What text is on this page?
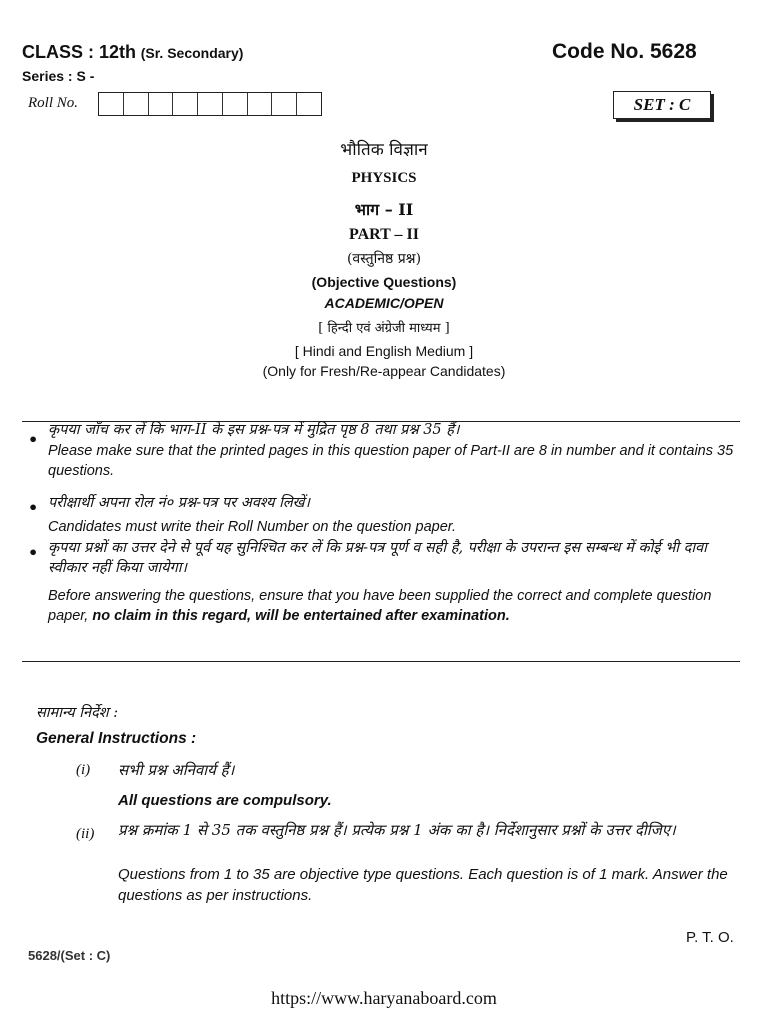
CLASS : 12th (Sr. Secondary)
Series : S -
Code No. 5628
Roll No.	SET : C
भौतिक विज्ञान
PHYSICS
भाग – II
PART – II
(वस्तुनिष्ठ प्रश्न)
(Objective Questions)
ACADEMIC/OPEN
[ हिन्दी एवं अंग्रेजी माध्यम ]
[ Hindi and English Medium ]
(Only for Fresh/Re-appear Candidates)
• कृपया जाँच कर लें कि भाग-II के इस प्रश्न-पत्र में मुद्रित पृष्ठ 8 तथा प्रश्न 35 हैं।
Please make sure that the printed pages in this question paper of Part-II are 8 in number and it contains 35 questions.
• परीक्षार्थी अपना रोल नं० प्रश्न-पत्र पर अवश्य लिखें।
Candidates must write their Roll Number on the question paper.
• कृपया प्रश्नों का उत्तर देने से पूर्व यह सुनिश्चित कर लें कि प्रश्न-पत्र पूर्ण व सही है, परीक्षा के उपरान्त इस सम्बन्ध में कोई भी दावा स्वीकार नहीं किया जायेगा।
Before answering the questions, ensure that you have been supplied the correct and complete question paper, no claim in this regard, will be entertained after examination.
सामान्य निर्देश :
General Instructions :
(i) सभी प्रश्न अनिवार्य हैं।
All questions are compulsory.
(ii) प्रश्न क्रमांक 1 से 35 तक वस्तुनिष्ठ प्रश्न हैं। प्रत्येक प्रश्न 1 अंक का है। निर्देशानुसार प्रश्नों के उत्तर दीजिए।
Questions from 1 to 35 are objective type questions. Each question is of 1 mark. Answer the questions as per instructions.
P. T. O.
5628/(Set : C)
https://www.haryanaboard.com
